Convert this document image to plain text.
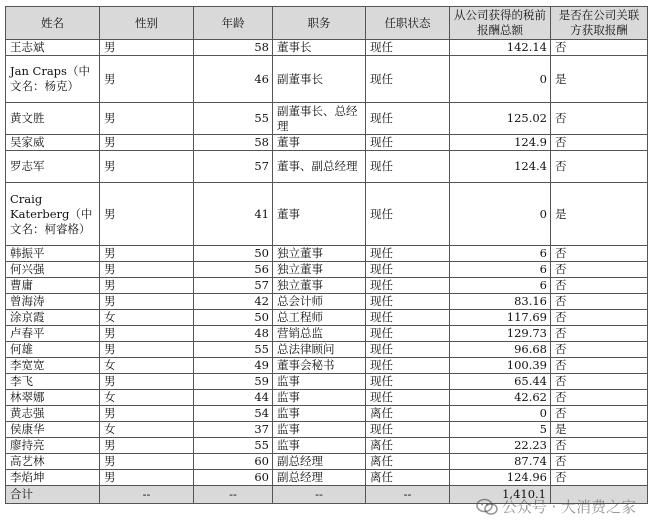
姓名	性别	年龄	职务	任职状态	从公司获得的税前报酬总额	是否在公司关联方获取报酬
王志斌	男	58	董事长	现任	142.14	否
Jan Craps（中文名：杨克）	男	46	副董事长	现任	0	是
黄文胜	男	55	副董事长、总经理	现任	125.02	否
吴家威	男	58	董事	现任	124.9	否
罗志军	男	57	董事、副总经理	现任	124.4	否
Craig Katerberg（中文名：柯睿格）	男	41	董事	现任	0	是
韩振平	男	50	独立董事	现任	6	否
何兴强	男	56	独立董事	现任	6	否
曹庸	男	57	独立董事	现任	6	否
曾海涛	男	42	总会计师	现任	83.16	否
涂京霞	女	50	总工程师	现任	117.69	否
卢春平	男	48	营销总监	现任	129.73	否
何雄	男	55	总法律顾问	现任	96.68	否
李宽宽	女	49	董事会秘书	现任	100.39	否
李飞	男	59	监事	现任	65.44	否
林翠娜	女	44	监事	现任	42.62	否
黄志强	男	54	监事	离任	0	否
侯康华	女	37	监事	现任	5	是
廖持亮	男	55	监事	离任	22.23	否
高艺林	男	60	副总经理	离任	87.74	否
李焰坤	男	60	副总经理	离任	124.96	否
合计	--	--	--	--	1,410.1	
公众号 · 大消费之家
